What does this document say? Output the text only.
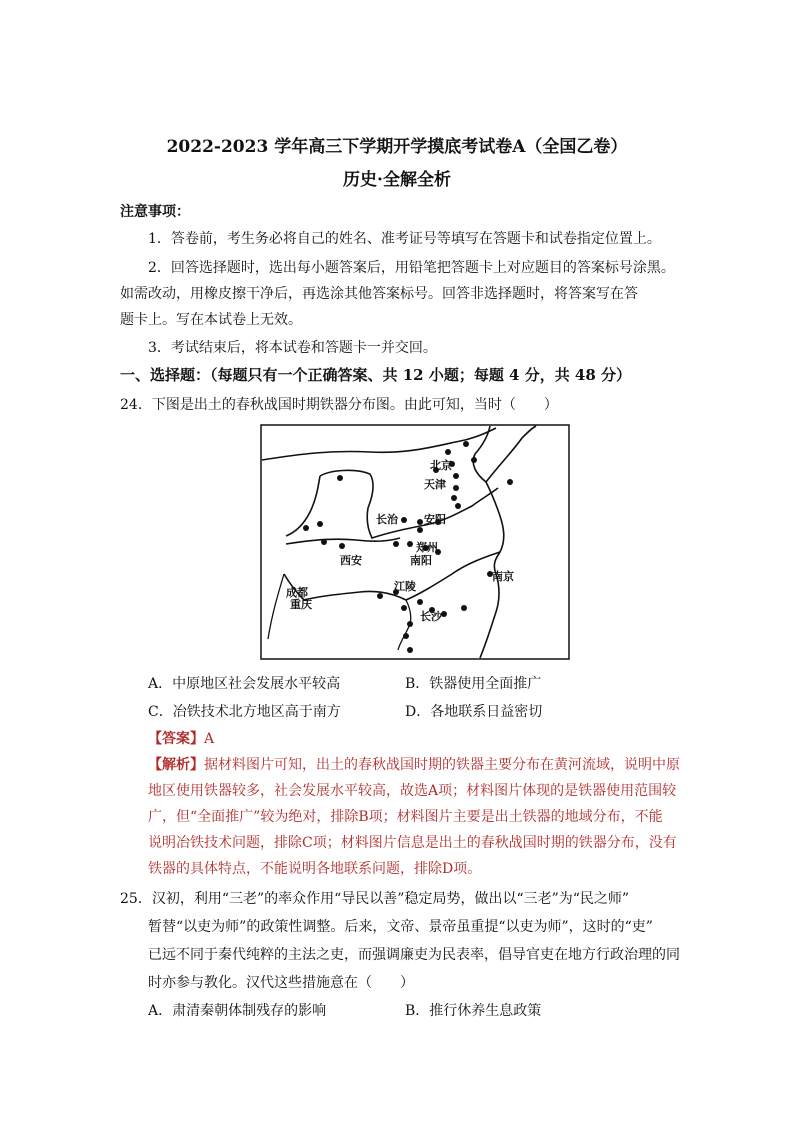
2022-2023 学年高三下学期开学摸底考试卷A（全国乙卷）
历史·全解全析
注意事项：
1．答卷前，考生务必将自己的姓名、准考证号等填写在答题卡和试卷指定位置上。
2．回答选择题时，选出每小题答案后，用铅笔把答题卡上对应题目的答案标号涂黑。
如需改动，用橡皮擦干净后，再选涂其他答案标号。回答非选择题时，将答案写在答
题卡上。写在本试卷上无效。
3．考试结束后，将本试卷和答题卡一并交回。
一、选择题：（每题只有一个正确答案、共 12 小题；每题 4 分，共 48 分）
24．下图是出土的春秋战国时期铁器分布图。由此可知，当时（　　）
北京
天津
长治 安阳
郑州
南阳
西安
成都
重庆
江陵
长沙
南京
A．中原地区社会发展水平较高	B．铁器使用全面推广
C．冶铁技术北方地区高于南方	D．各地联系日益密切
【答案】A
【解析】据材料图片可知，出土的春秋战国时期的铁器主要分布在黄河流域，说明中原
地区使用铁器较多，社会发展水平较高，故选A项；材料图片体现的是铁器使用范围较
广，但“全面推广”较为绝对，排除B项；材料图片主要是出土铁器的地域分布，不能
说明冶铁技术问题，排除C项；材料图片信息是出土的春秋战国时期的铁器分布，没有
铁器的具体特点，不能说明各地联系问题，排除D项。
25．汉初，利用“三老”的率众作用“导民以善”稳定局势，做出以“三老”为“民之师”
暂替“以吏为师”的政策性调整。后来，文帝、景帝虽重提“以吏为师”，这时的“吏”
已远不同于秦代纯粹的主法之吏，而强调廉吏为民表率，倡导官吏在地方行政治理的同
时亦参与教化。汉代这些措施意在（　　）
A．肃清秦朝体制残存的影响	B．推行休养生息政策
